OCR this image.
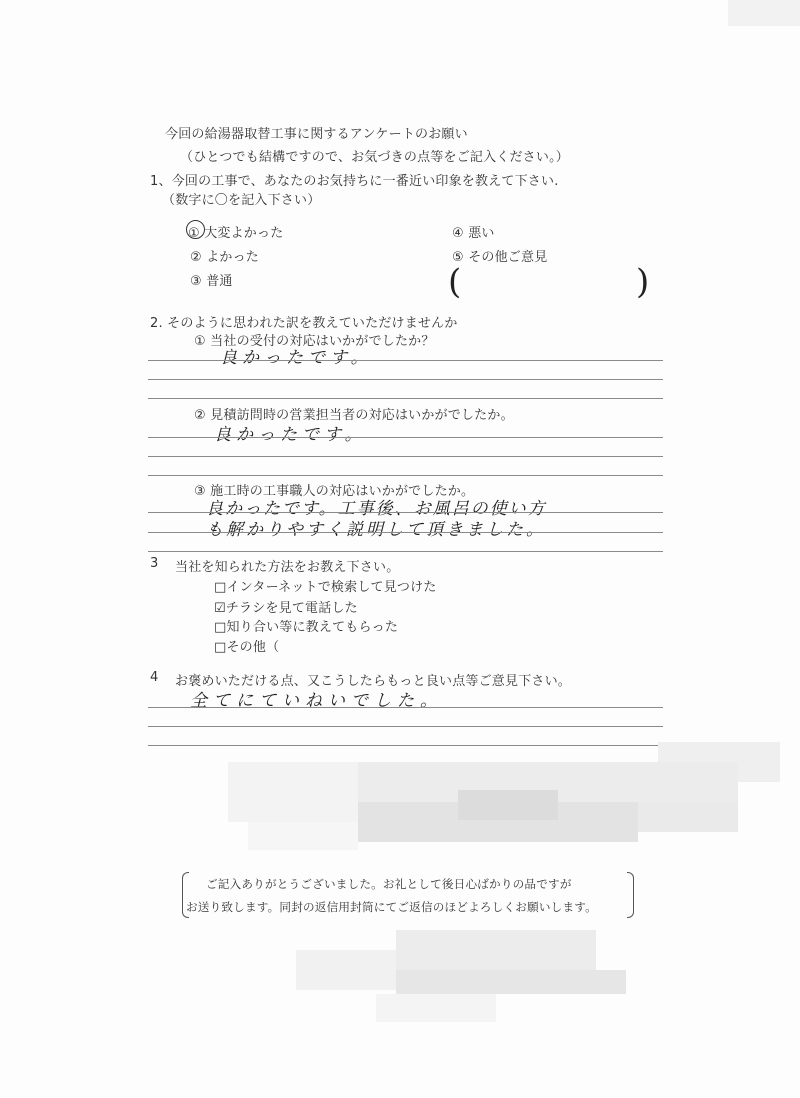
今回の給湯器取替工事に関するアンケートのお願い
（ひとつでも結構ですので、お気づきの点等をご記入ください。）
1、今回の工事で、あなたのお気持ちに一番近い印象を教えて下さい.
（数字に〇を記入下さい）
① 大変よかった
② よかった
③ 普通
④ 悪い
⑤ その他ご意見
(	)
2. そのように思われた訳を教えていただけませんか
① 当社の受付の対応はいかがでしたか？
良かったです。
② 見積訪問時の営業担当者の対応はいかがでしたか。
良かったです。
③ 施工時の工事職人の対応はいかがでしたか。
良かったです。工事後、お風呂の使い方
も解かりやすく説明して頂きました。
3 当社を知られた方法をお教え下さい。
□インターネットで検索して見つけた
☑チラシを見て電話した
□知り合い等に教えてもらった
□その他（
4 お褒めいただける点、又こうしたらもっと良い点等ご意見下さい。
全てにていねいでした。
ご記入ありがとうございました。お礼として後日心ばかりの品ですが
お送り致します。同封の返信用封筒にてご返信のほどよろしくお願いします。
